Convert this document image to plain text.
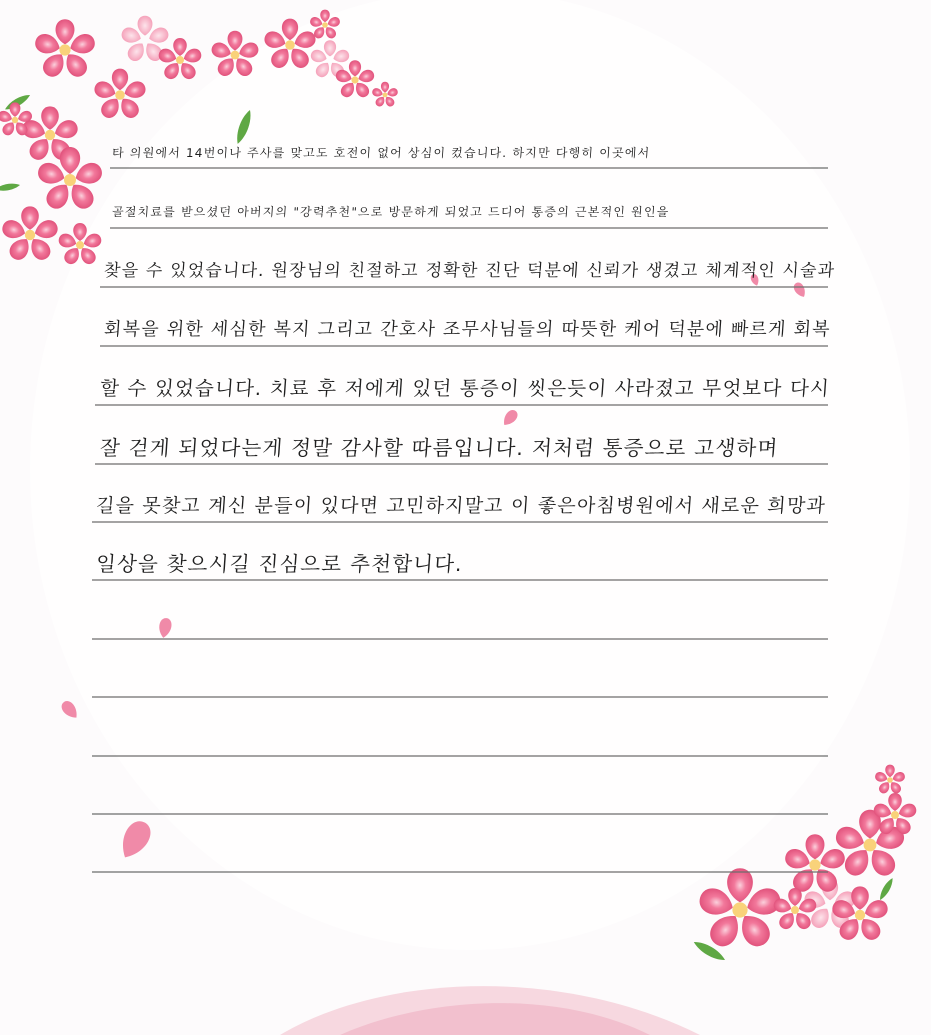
타 의원에서 14번이나 주사를 맞고도 호전이 없어 상심이 컸습니다. 하지만 다행히 이곳에서
골절치료를 받으셨던 아버지의 "강력추천"으로 방문하게 되었고 드디어 통증의 근본적인 원인을
찾을 수 있었습니다. 원장님의 친절하고 정확한 진단 덕분에 신뢰가 생겼고 체계적인 시술과
회복을 위한 세심한 복지 그리고 간호사 조무사님들의 따뜻한 케어 덕분에 빠르게 회복
할 수 있었습니다. 치료 후 저에게 있던 통증이 씻은듯이 사라졌고 무엇보다 다시
잘 걷게 되었다는게 정말 감사할 따름입니다. 저처럼 통증으로 고생하며
길을 못찾고 계신 분들이 있다면 고민하지말고 이 좋은아침병원에서 새로운 희망과
일상을 찾으시길 진심으로 추천합니다.
